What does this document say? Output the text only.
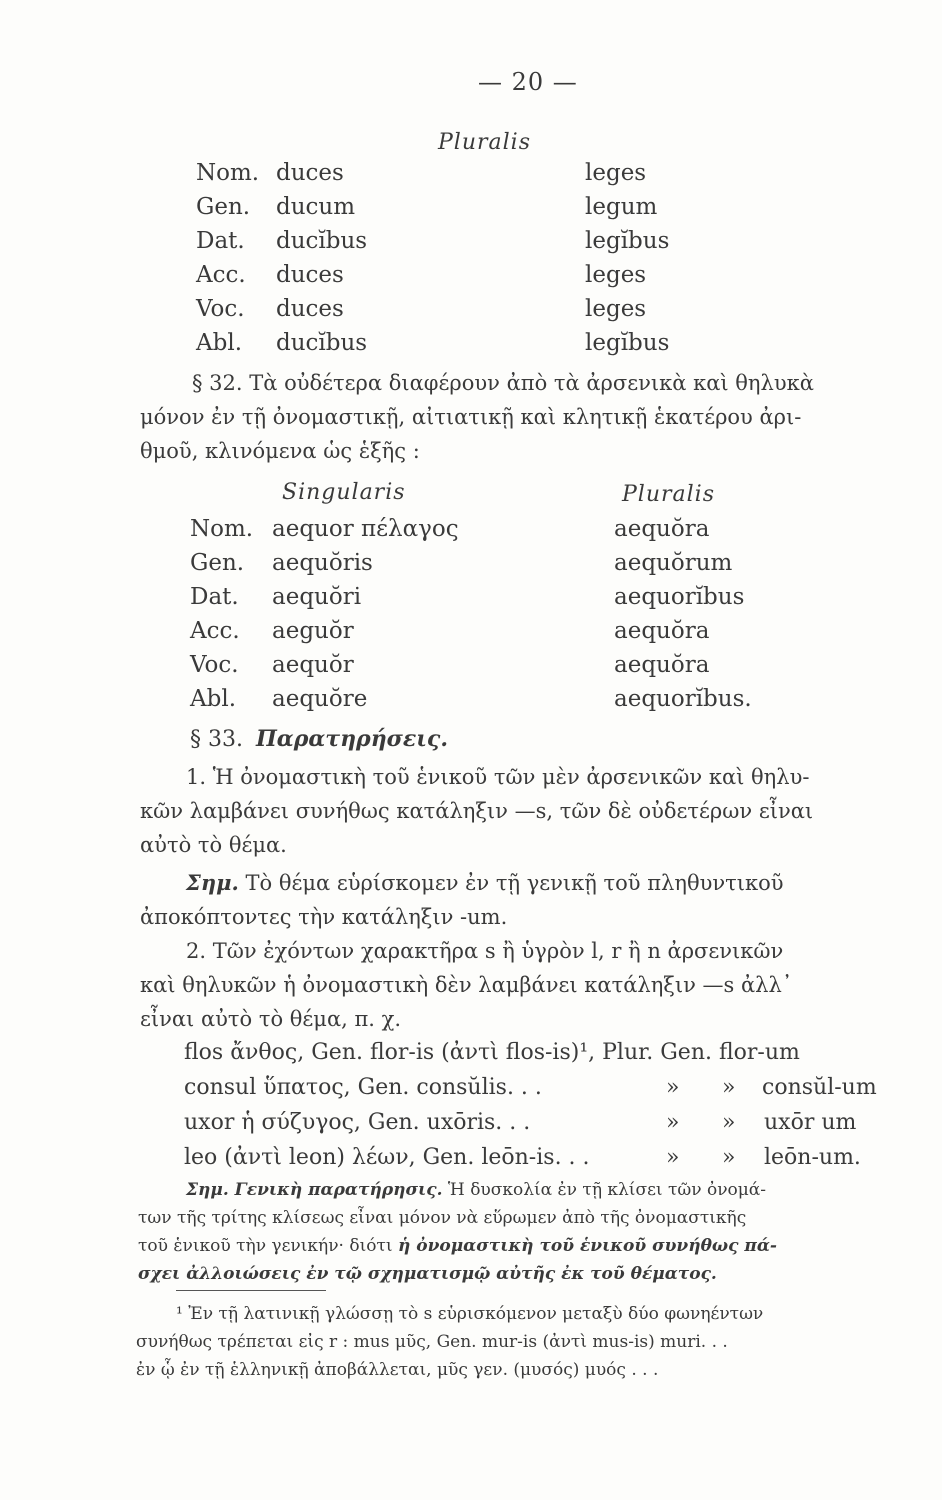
— 20 —
Pluralis
Nom. duces	leges
Gen. ducum	legum
Dat. ducĭbus	legĭbus
Acc. duces	leges
Voc. duces	leges
Abl. ducĭbus	legĭbus

§ 32. Τὰ οὐδέτερα διαφέρουν ἀπὸ τὰ ἀρσενικὰ καὶ θηλυκὰ

μόνον ἐν τῇ ὀνομαστικῇ, αἰτιατικῇ καὶ κλητικῇ ἑκατέρου ἀρι-

θμοῦ, κλινόμενα ὡς ἑξῆς :

Singularis	Pluralis
Nom. aequor πέλαγος	aequŏra
Gen. aequŏris	aequŏrum
Dat. aequŏri	aequorĭbus
Acc. aeguŏr	aequŏra
Voc. aequŏr	aequŏra
Abl. aequŏre	aequorĭbus.
§ 33. Παρατηρήσεις.

1. Ἡ ὀνομαστικὴ τοῦ ἑνικοῦ τῶν μὲν ἀρσενικῶν καὶ θηλυ-

κῶν λαμβάνει συνήθως κατάληξιν —s, τῶν δὲ οὐδετέρων εἶναι

αὐτὸ τὸ θέμα.

Σημ. Τὸ θέμα εὑρίσκομεν ἐν τῇ γενικῇ τοῦ πληθυντικοῦ

ἀποκόπτοντες τὴν κατάληξιν -um.

2. Τῶν ἐχόντων χαρακτῆρα s ἢ ὑγρὸν l, r ἢ n ἀρσενικῶν

καὶ θηλυκῶν ἡ ὀνομαστικὴ δὲν λαμβάνει κατάληξιν —s ἀλλ᾽

εἶναι αὐτὸ τὸ θέμα, π. χ.

flos ἄνθος, Gen. flor-is (ἀντὶ flos-is)¹, Plur. Gen. flor-um
consul ὕπατος, Gen. consŭlis. . .	» » consŭl-um
uxor ἡ σύζυγος, Gen. uxōris. . .	» » uxōr um
leo (ἀντὶ leon) λέων, Gen. leōn-is. . .	» » leōn-um.

Σημ. Γενικὴ παρατήρησις. Ἡ δυσκολία ἐν τῇ κλίσει τῶν ὀνομά-

των τῆς τρίτης κλίσεως εἶναι μόνον νὰ εὕρωμεν ἀπὸ τῆς ὀνομαστικῆς

τοῦ ἑνικοῦ τὴν γενικήν· διότι ἡ ὀνομαστικὴ τοῦ ἑνικοῦ συνήθως πά-

σχει ἀλλοιώσεις ἐν τῷ σχηματισμῷ αὐτῆς ἐκ τοῦ θέματος.

¹ Ἐν τῇ λατινικῇ γλώσσῃ τὸ s εὑρισκόμενον μεταξὺ δύο φωνηέντων

συνήθως τρέπεται εἰς r : mus μῦς, Gen. mur-is (ἀντὶ mus-is) muri. . .

ἐν ᾧ ἐν τῇ ἑλληνικῇ ἀποβάλλεται, μῦς γεν. (μυσός) μυός . . .
